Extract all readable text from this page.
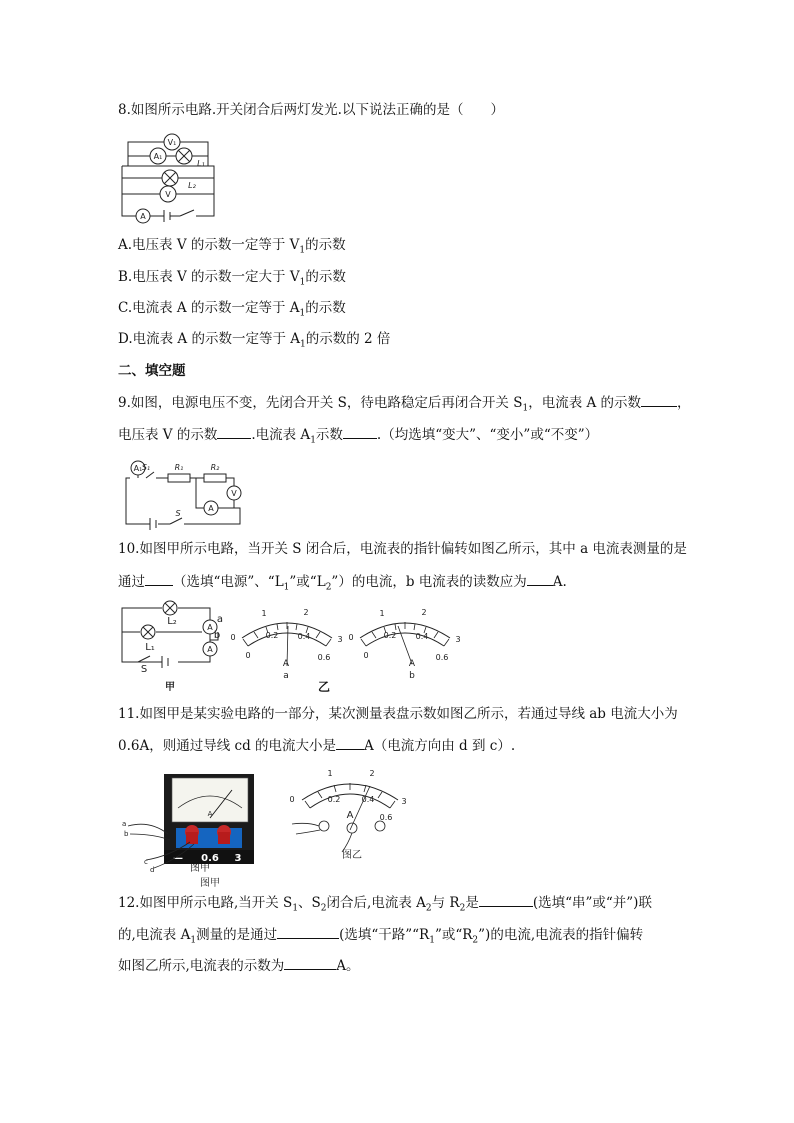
8.如图所示电路.开关闭合后两灯发光.以下说法正确的是（　　）
V₁
A₁
L₁
L₂
V
A
A.电压表 V 的示数一定等于 $V_1$的示数
B.电压表 V 的示数一定大于 $V_1$的示数
C.电流表 A 的示数一定等于 $A_1$的示数
D.电流表 A 的示数一定等于 $A_1$的示数的 2 倍
二、填空题
9.如图，电源电压不变，先闭合开关 S，待电路稳定后再闭合开关 $S_1$，电流表 A 的示数	，
电压表 V 的示数	.电流表 $A_1$示数	.（均选填“变大”、“变小”或“不变”）
A₁ S₁	R₁	R₂
V
A
S
10.如图甲所示电路，当开关 S 闭合后，电流表的指针偏转如图乙所示，其中 a 电流表测量的是
通过 （选填“电源”、“$L_1$”或“$L_2$”）的电流，b 电流表的读数应为 A.
L₂
L₁
a
b
A
A
S
甲
0
1	2
3
0
0.2 0.4
0.6
A
a
乙
0
1	2
3
0
0.2 0.4
0.6
A
b
11.如图甲是某实验电路的一部分，某次测量表盘示数如图乙所示，若通过导线 ab 电流大小为
0.6A，则通过导线 cd 的电流大小是 A（电流方向由 d 到 c）.
A
— 0.6 3
a
b
c
d
图甲
图甲
0
1	2
3
0.2	0.4
0.6
A
图乙
12.如图甲所示电路,当开关 $S_1$、$S_2$闭合后,电流表 $A_2$与 $R_2$是	(选填“串”或“并”)联
的,电流表 $A_1$测量的是通过	(选填“干路$”“R_1$”或“$R_2$”)的电流,电流表的指针偏转
如图乙所示,电流表的示数为	A。
